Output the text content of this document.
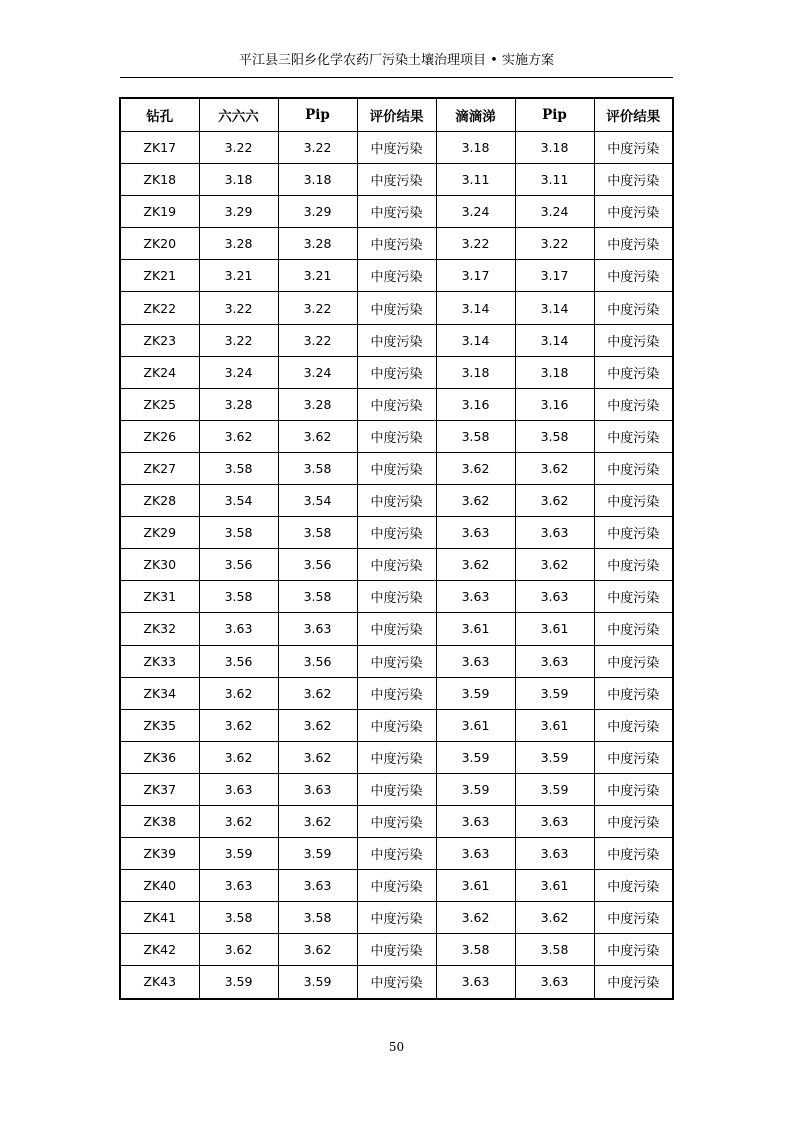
平江县三阳乡化学农药厂污染土壤治理项目 • 实施方案
钻孔	六六六	Pip	评价结果	滴滴涕	Pip	评价结果
ZK17	3.22	3.22	中度污染	3.18	3.18	中度污染
ZK18	3.18	3.18	中度污染	3.11	3.11	中度污染
ZK19	3.29	3.29	中度污染	3.24	3.24	中度污染
ZK20	3.28	3.28	中度污染	3.22	3.22	中度污染
ZK21	3.21	3.21	中度污染	3.17	3.17	中度污染
ZK22	3.22	3.22	中度污染	3.14	3.14	中度污染
ZK23	3.22	3.22	中度污染	3.14	3.14	中度污染
ZK24	3.24	3.24	中度污染	3.18	3.18	中度污染
ZK25	3.28	3.28	中度污染	3.16	3.16	中度污染
ZK26	3.62	3.62	中度污染	3.58	3.58	中度污染
ZK27	3.58	3.58	中度污染	3.62	3.62	中度污染
ZK28	3.54	3.54	中度污染	3.62	3.62	中度污染
ZK29	3.58	3.58	中度污染	3.63	3.63	中度污染
ZK30	3.56	3.56	中度污染	3.62	3.62	中度污染
ZK31	3.58	3.58	中度污染	3.63	3.63	中度污染
ZK32	3.63	3.63	中度污染	3.61	3.61	中度污染
ZK33	3.56	3.56	中度污染	3.63	3.63	中度污染
ZK34	3.62	3.62	中度污染	3.59	3.59	中度污染
ZK35	3.62	3.62	中度污染	3.61	3.61	中度污染
ZK36	3.62	3.62	中度污染	3.59	3.59	中度污染
ZK37	3.63	3.63	中度污染	3.59	3.59	中度污染
ZK38	3.62	3.62	中度污染	3.63	3.63	中度污染
ZK39	3.59	3.59	中度污染	3.63	3.63	中度污染
ZK40	3.63	3.63	中度污染	3.61	3.61	中度污染
ZK41	3.58	3.58	中度污染	3.62	3.62	中度污染
ZK42	3.62	3.62	中度污染	3.58	3.58	中度污染
ZK43	3.59	3.59	中度污染	3.63	3.63	中度污染
50
